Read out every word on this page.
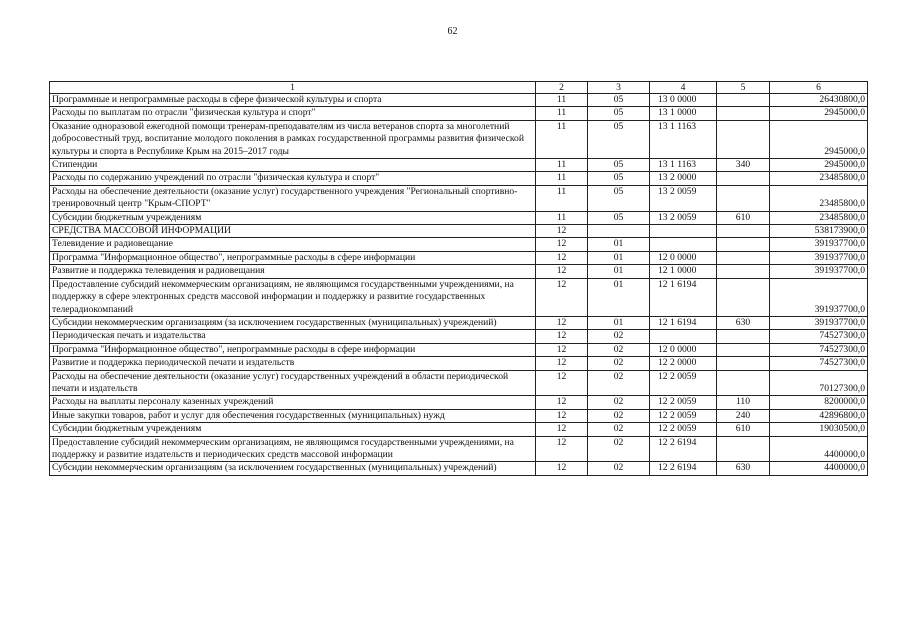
62
1	2	3	4	5	6
Программные и непрограммные расходы в сфере физической культуры и спорта	11	05	13 0 0000		26430800,0
Расходы по выплатам по отрасли "физическая культура и спорт"	11	05	13 1 0000		2945000,0
Оказание одноразовой ежегодной помощи тренерам-преподавателям из числа ветеранов спорта за многолетний добросовестный труд, воспитание молодого поколения в рамках государственной программы развития физической культуры и спорта в Республике Крым на 2015–2017 годы	11	05	13 1 1163		2945000,0
Стипендии	11	05	13 1 1163	340	2945000,0
Расходы по содержанию учреждений по отрасли "физическая культура и спорт"	11	05	13 2 0000		23485800,0
Расходы на обеспечение деятельности (оказание услуг) государственного учреждения "Региональный спортивно-тренировочный центр "Крым-СПОРТ"	11	05	13 2 0059		23485800,0
Субсидии бюджетным учреждениям	11	05	13 2 0059	610	23485800,0
СРЕДСТВА МАССОВОЙ ИНФОРМАЦИИ	12				538173900,0
Телевидение и радиовещание	12	01			391937700,0
Программа "Информационное общество", непрограммные расходы в сфере информации	12	01	12 0 0000		391937700,0
Развитие и поддержка телевидения и радиовещания	12	01	12 1 0000		391937700,0
Предоставление субсидий некоммерческим организациям, не являющимся государственными учреждениями, на поддержку в сфере электронных средств массовой информации и поддержку и развитие государственных телерадиокомпаний	12	01	12 1 6194		391937700,0
Субсидии некоммерческим организациям (за исключением государственных (муниципальных) учреждений)	12	01	12 1 6194	630	391937700,0
Периодическая печать и издательства	12	02			74527300,0
Программа "Информационное общество", непрограммные расходы в сфере информации	12	02	12 0 0000		74527300,0
Развитие и поддержка периодической печати и издательств	12	02	12 2 0000		74527300,0
Расходы на обеспечение деятельности (оказание услуг) государственных учреждений в области периодической печати и издательств	12	02	12 2 0059		70127300,0
Расходы на выплаты персоналу казенных учреждений	12	02	12 2 0059	110	8200000,0
Иные закупки товаров, работ и услуг для обеспечения государственных (муниципальных) нужд	12	02	12 2 0059	240	42896800,0
Субсидии бюджетным учреждениям	12	02	12 2 0059	610	19030500,0
Предоставление субсидий некоммерческим организациям, не являющимся государственными учреждениями, на поддержку и развитие издательств и периодических средств массовой информации	12	02	12 2 6194		4400000,0
Субсидии некоммерческим организациям (за исключением государственных (муниципальных) учреждений)	12	02	12 2 6194	630	4400000,0
